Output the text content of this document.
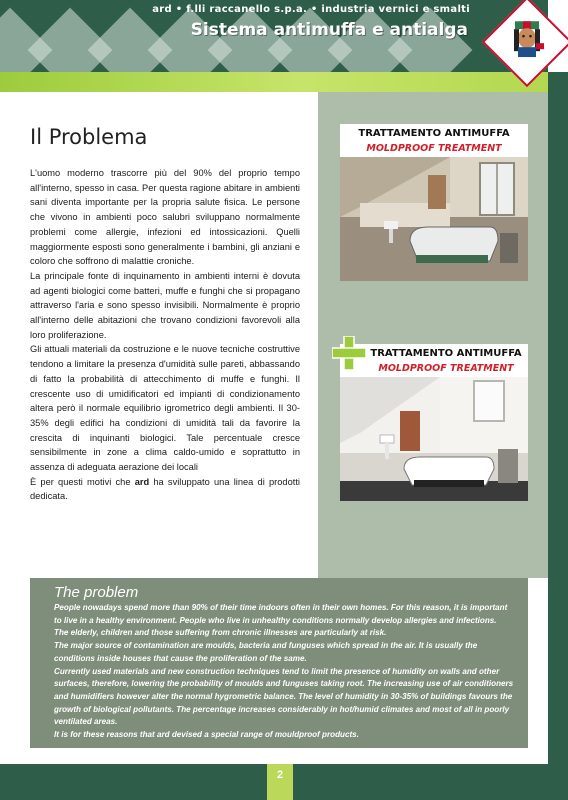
ard • f.lli raccanello s.p.a. • industria vernici e smalti
Sistema antimuffa e antialga
TRATTAMENTO ANTIMUFFA
MOLDPROOF TREATMENT
TRATTAMENTO ANTIMUFFA
MOLDPROOF TREATMENT
Il Problema

L'uomo moderno trascorre più del 90% del proprio tempo all'interno, spesso in casa. Per questa ragione abitare in ambienti sani diventa importante per la propria salute fisica. Le persone che vivono in ambienti poco salubri sviluppano normalmente problemi come allergie, infezioni ed intossicazioni. Quelli maggiormente esposti sono generalmente i bambini, gli anziani e coloro che soffrono di malattie croniche.

La principale fonte di inquinamento in ambienti interni è dovuta ad agenti biologici come batteri, muffe e funghi che si propagano attraverso l'aria e sono spesso invisibili. Normalmente è proprio all'interno delle abitazioni che trovano condizioni favorevoli alla loro proliferazione.

Gli attuali materiali da costruzione e le nuove tecniche costruttive tendono a limitare la presenza d'umidità sulle pareti, abbassando di fatto la probabilità di attecchimento di muffe e funghi. Il crescente uso di umidificatori ed impianti di condizionamento altera però il normale equilibrio igrometrico degli ambienti. Il 30-35% degli edifici ha condizioni di umidità tali da favorire la crescita di inquinanti biologici. Tale percentuale cresce sensibilmente in zone a clima caldo-umido e soprattutto in assenza di adeguata aerazione dei locali

È per questi motivi che ard ha sviluppato una linea di prodotti dedicata.

The problem

People nowadays spend more than 90% of their time indoors often in their own homes. For this reason, it is important to live in a healthy environment. People who live in unhealthy conditions normally develop allergies and infections.

The elderly, children and those suffering from chronic illnesses are particularly at risk.

The major source of contamination are moulds, bacteria and funguses which spread in the air. It is usually the conditions inside houses that cause the proliferation of the same.

Currently used materials and new construction techniques tend to limit the presence of humidity on walls and other surfaces, therefore, lowering the probability of moulds and funguses taking root. The increasing use of air conditioners and humidifiers however alter the normal hygrometric balance. The level of humidity in 30-35% of buildings favours the growth of biological pollutants. The percentage increases considerably in hot/humid climates and most of all in poorly ventilated areas.

It is for these reasons that ard devised a special range of mouldproof products.

2
